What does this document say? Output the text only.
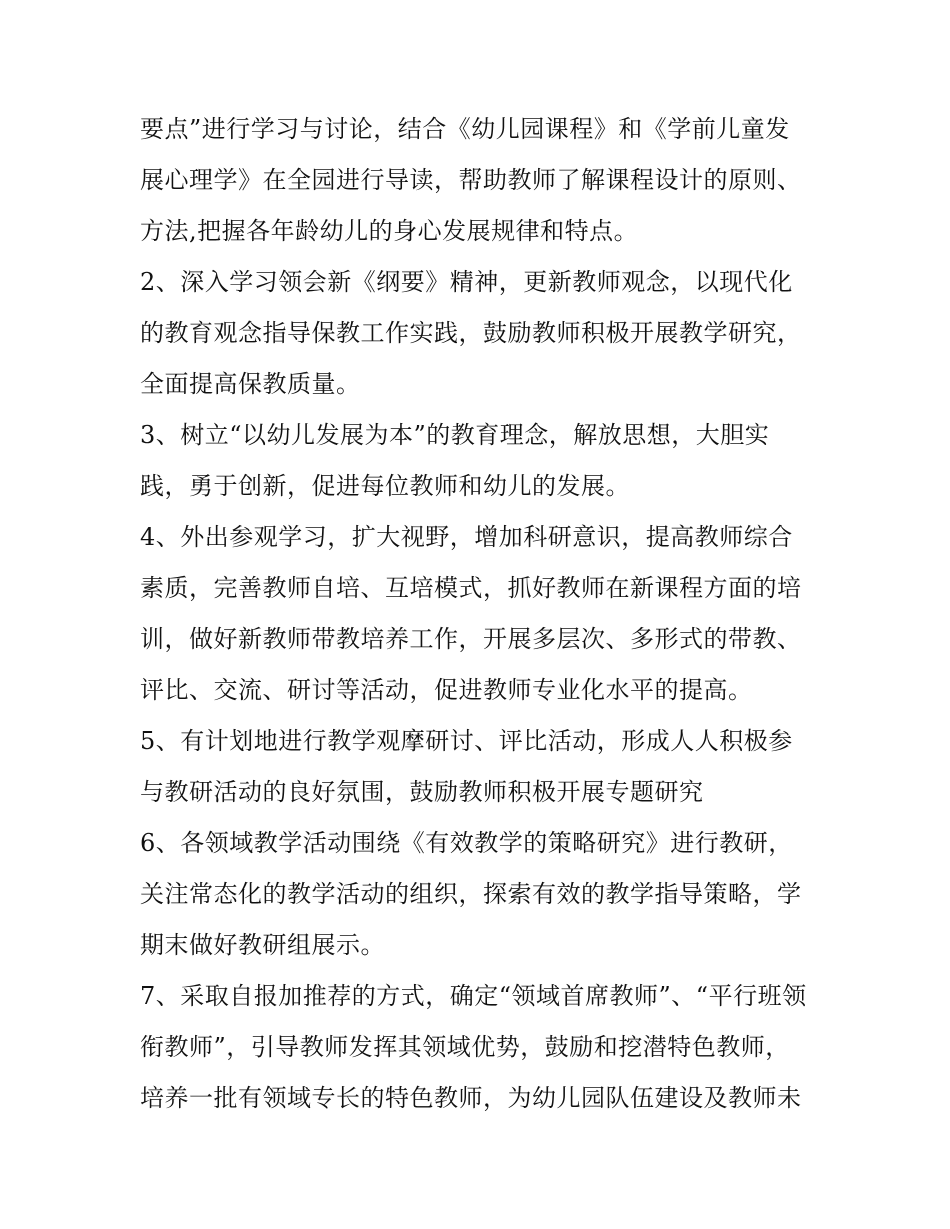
要点”进行学习与讨论，结合《幼儿园课程》和《学前儿童发
展心理学》在全园进行导读，帮助教师了解课程设计的原则、
方法,把握各年龄幼儿的身心发展规律和特点。
2、深入学习领会新《纲要》精神，更新教师观念，以现代化
的教育观念指导保教工作实践，鼓励教师积极开展教学研究，
全面提高保教质量。
3、树立“以幼儿发展为本”的教育理念，解放思想，大胆实
践，勇于创新，促进每位教师和幼儿的发展。
4、外出参观学习，扩大视野，增加科研意识，提高教师综合
素质，完善教师自培、互培模式，抓好教师在新课程方面的培
训，做好新教师带教培养工作，开展多层次、多形式的带教、
评比、交流、研讨等活动，促进教师专业化水平的提高。
5、有计划地进行教学观摩研讨、评比活动，形成人人积极参
与教研活动的良好氛围，鼓励教师积极开展专题研究
6、各领域教学活动围绕《有效教学的策略研究》进行教研，
关注常态化的教学活动的组织，探索有效的教学指导策略，学
期末做好教研组展示。
7、采取自报加推荐的方式，确定“领域首席教师”、“平行班领
衔教师”，引导教师发挥其领域优势，鼓励和挖潜特色教师，
培养一批有领域专长的特色教师，为幼儿园队伍建设及教师未
